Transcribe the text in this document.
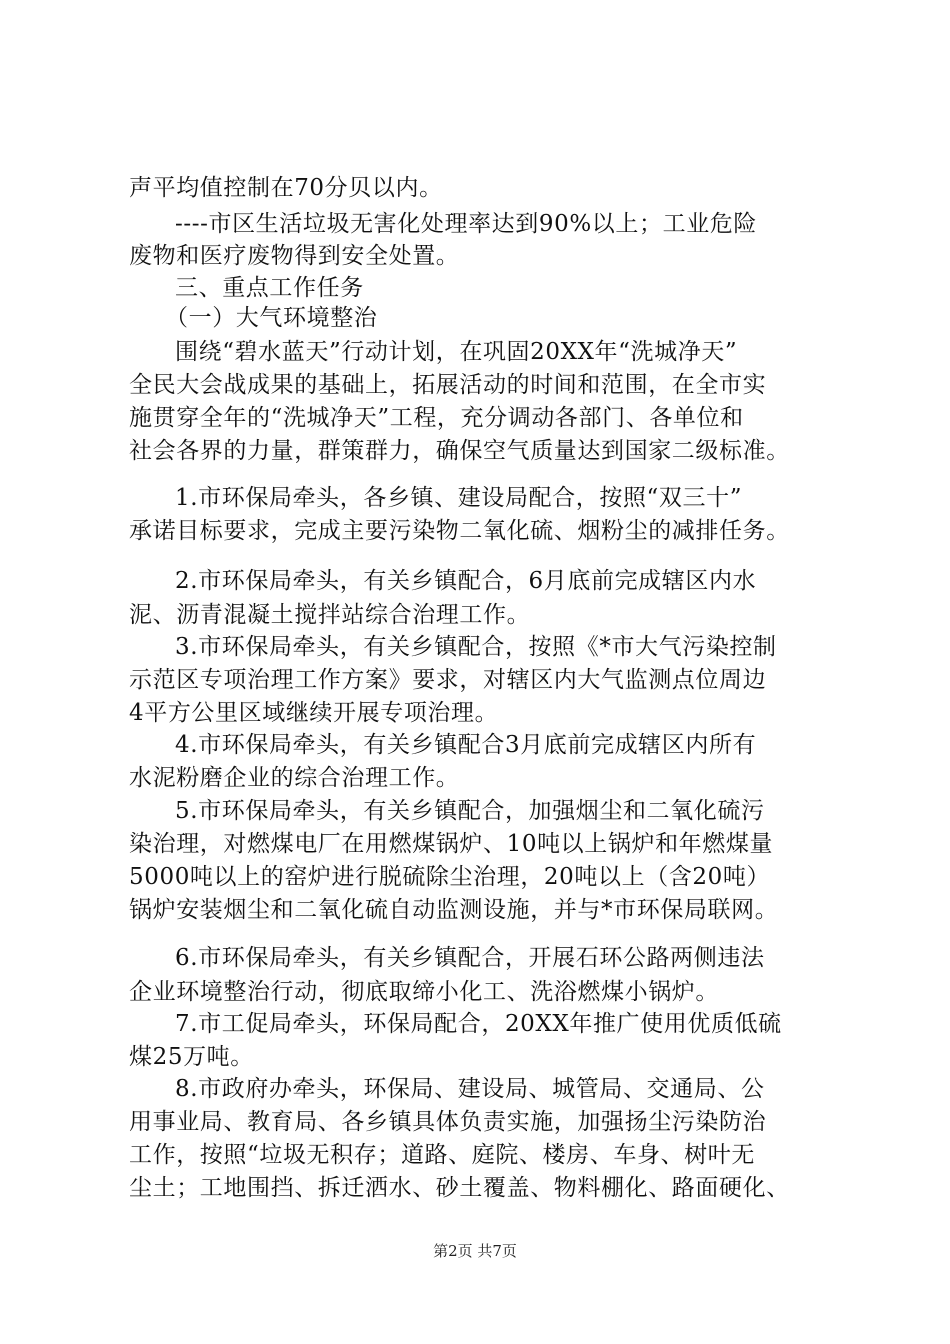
声平均值控制在70分贝以内。
----市区生活垃圾无害化处理率达到90%以上；工业危险
废物和医疗废物得到安全处置。
三、重点工作任务
（一）大气环境整治
围绕“碧水蓝天”行动计划，在巩固20XX年“洗城净天”
全民大会战成果的基础上，拓展活动的时间和范围，在全市实
施贯穿全年的“洗城净天”工程，充分调动各部门、各单位和
社会各界的力量，群策群力，确保空气质量达到国家二级标准。
1.市环保局牵头，各乡镇、建设局配合，按照“双三十”
承诺目标要求，完成主要污染物二氧化硫、烟粉尘的减排任务。
2.市环保局牵头，有关乡镇配合，6月底前完成辖区内水
泥、沥青混凝土搅拌站综合治理工作。
3.市环保局牵头，有关乡镇配合，按照《*市大气污染控制
示范区专项治理工作方案》要求，对辖区内大气监测点位周边
4平方公里区域继续开展专项治理。
4.市环保局牵头，有关乡镇配合3月底前完成辖区内所有
水泥粉磨企业的综合治理工作。
5.市环保局牵头，有关乡镇配合，加强烟尘和二氧化硫污
染治理，对燃煤电厂在用燃煤锅炉、10吨以上锅炉和年燃煤量
5000吨以上的窑炉进行脱硫除尘治理，20吨以上（含20吨）
锅炉安装烟尘和二氧化硫自动监测设施，并与*市环保局联网。
6.市环保局牵头，有关乡镇配合，开展石环公路两侧违法
企业环境整治行动，彻底取缔小化工、洗浴燃煤小锅炉。
7.市工促局牵头，环保局配合，20XX年推广使用优质低硫
煤25万吨。
8.市政府办牵头，环保局、建设局、城管局、交通局、公
用事业局、教育局、各乡镇具体负责实施，加强扬尘污染防治
工作，按照“垃圾无积存；道路、庭院、楼房、车身、树叶无
尘土；工地围挡、拆迁洒水、砂土覆盖、物料棚化、路面硬化、
第2页 共7页
